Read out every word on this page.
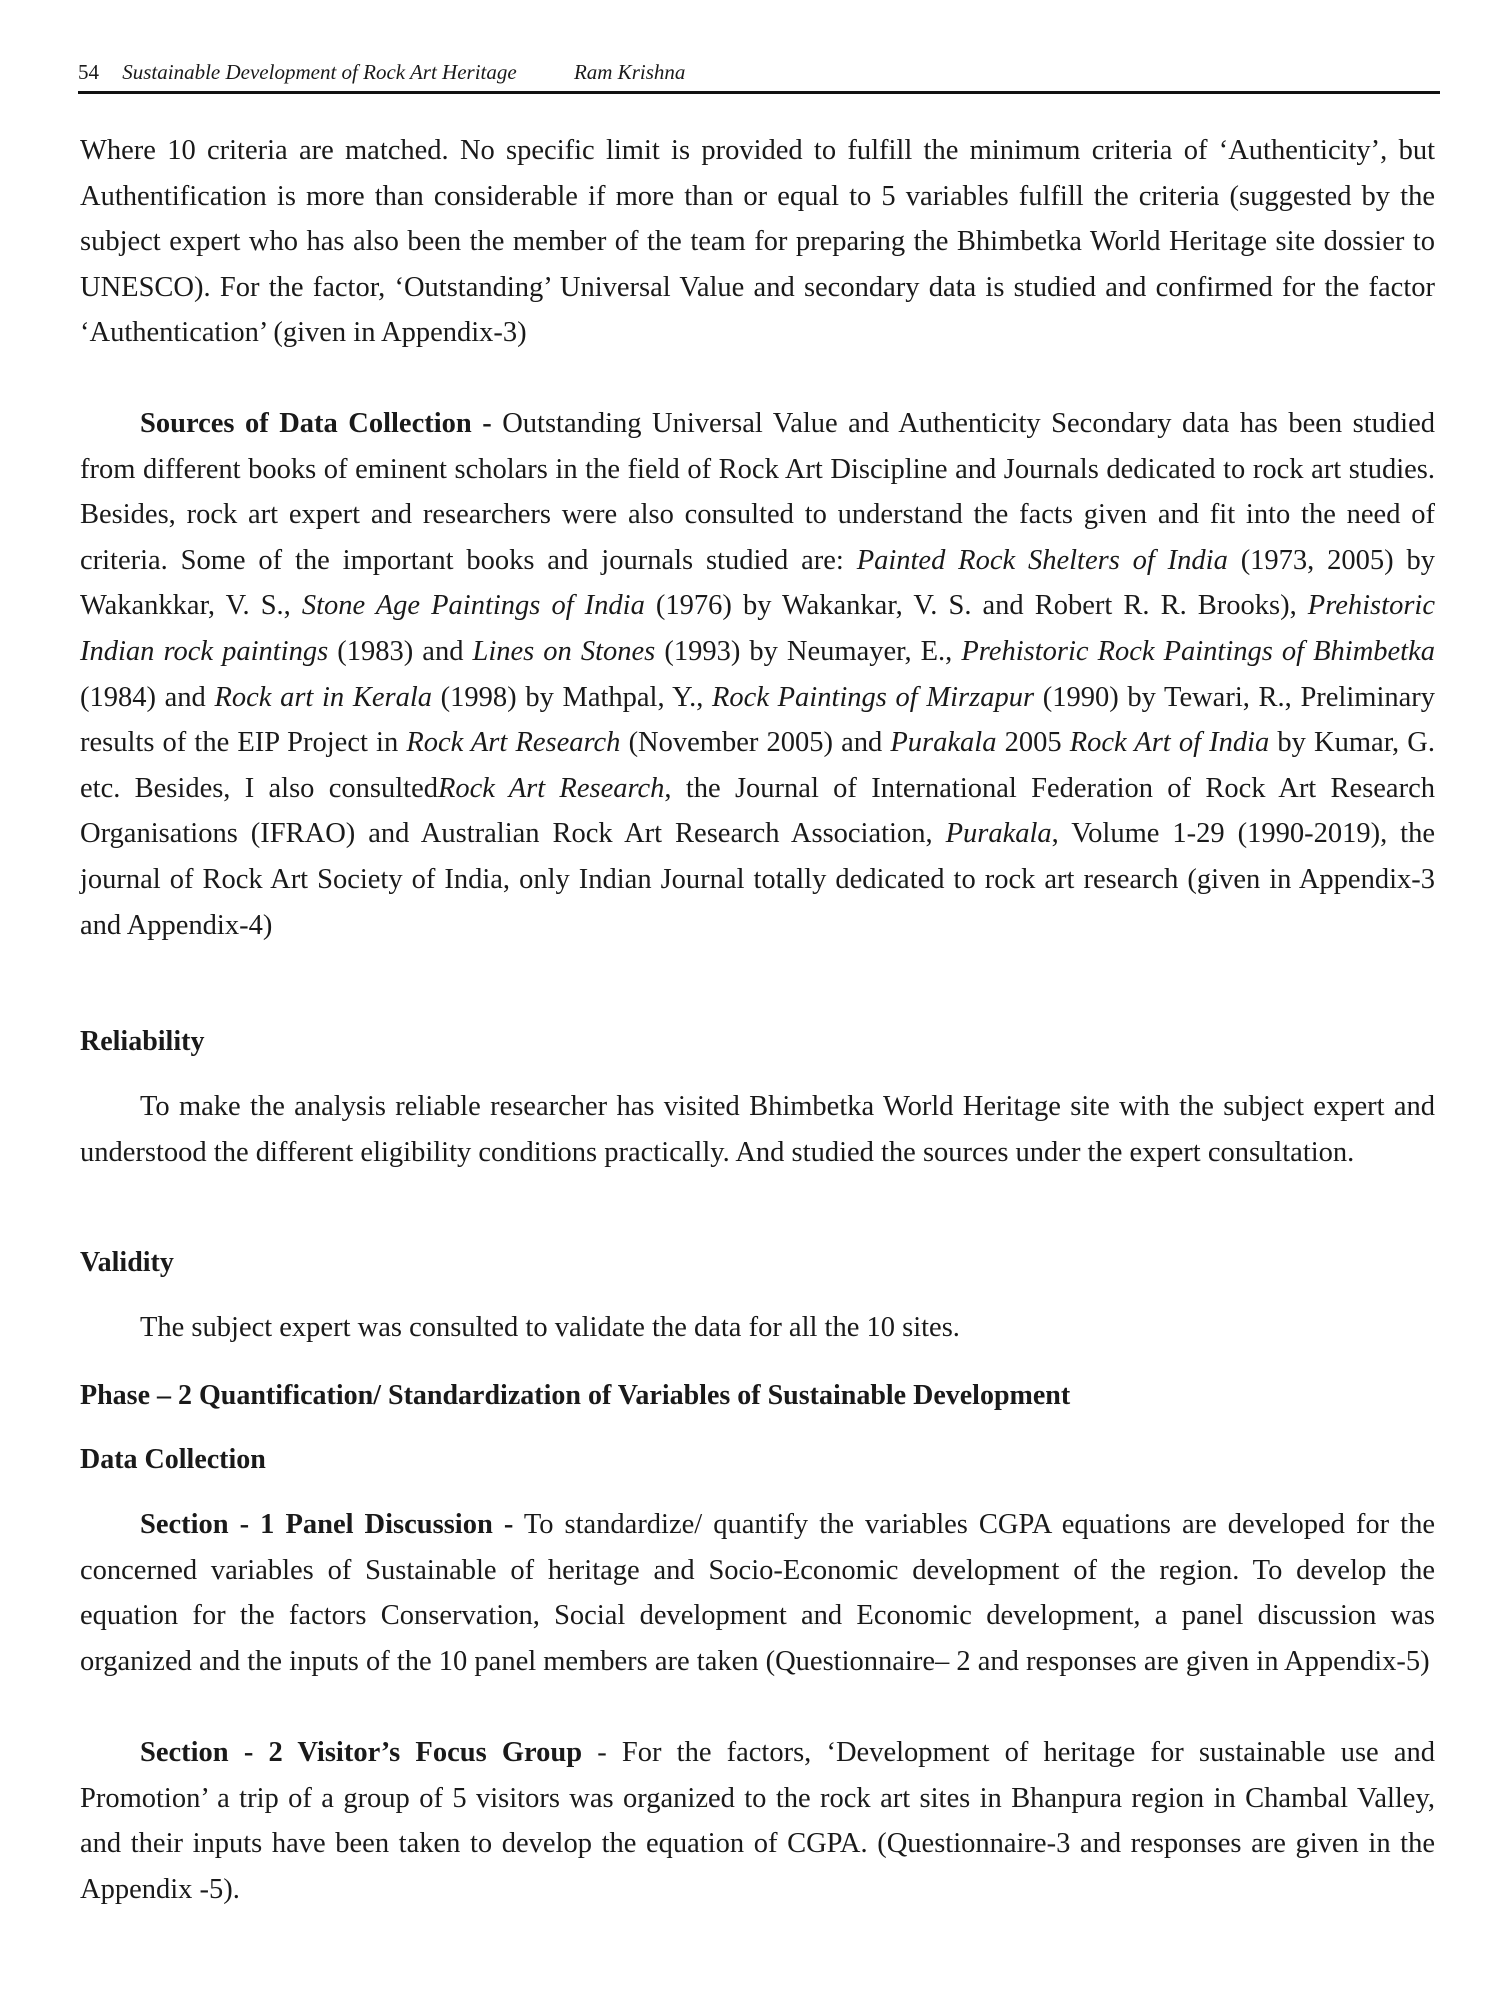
54 Sustainable Development of Rock Art Heritage	Ram Krishna

Where 10 criteria are matched. No specific limit is provided to fulfill the minimum criteria of ‘Authenticity’, but Authentification is more than considerable if more than or equal to 5 variables fulfill the criteria (suggested by the subject expert who has also been the member of the team for preparing the Bhimbetka World Heritage site dossier to UNESCO). For the factor, ‘Outstanding’ Universal Value and secondary data is studied and confirmed for the factor ‘Authentication’ (given in Appendix-3)

Sources of Data Collection - Outstanding Universal Value and Authenticity Secondary data has been studied from different books of eminent scholars in the field of Rock Art Discipline and Journals dedicated to rock art studies. Besides, rock art expert and researchers were also consulted to understand the facts given and fit into the need of criteria. Some of the important books and journals studied are: Painted Rock Shelters of India (1973, 2005) by Wakankkar, V. S., Stone Age Paintings of India (1976) by Wakankar, V. S. and Robert R. R. Brooks), Prehistoric Indian rock paintings (1983) and Lines on Stones (1993) by Neumayer, E., Prehistoric Rock Paintings of Bhimbetka (1984) and Rock art in Kerala (1998) by Mathpal, Y., Rock Paintings of Mirzapur (1990) by Tewari, R., Preliminary results of the EIP Project in Rock Art Research (November 2005) and Purakala 2005 Rock Art of India by Kumar, G. etc. Besides, I also consultedRock Art Research, the Journal of International Federation of Rock Art Research Organisations (IFRAO) and Australian Rock Art Research Association, Purakala, Volume 1-29 (1990-2019), the journal of Rock Art Society of India, only Indian Journal totally dedicated to rock art research (given in Appendix-3 and Appendix-4)

Reliability

To make the analysis reliable researcher has visited Bhimbetka World Heritage site with the subject expert and understood the different eligibility conditions practically. And studied the sources under the expert consultation.

Validity

The subject expert was consulted to validate the data for all the 10 sites.

Phase – 2 Quantification/ Standardization of Variables of Sustainable Development
Data Collection

Section - 1 Panel Discussion - To standardize/ quantify the variables CGPA equations are developed for the concerned variables of Sustainable of heritage and Socio-Economic development of the region. To develop the equation for the factors Conservation, Social development and Economic development, a panel discussion was organized and the inputs of the 10 panel members are taken (Questionnaire– 2 and responses are given in Appendix-5)

Section - 2 Visitor’s Focus Group - For the factors, ‘Development of heritage for sustainable use and Promotion’ a trip of a group of 5 visitors was organized to the rock art sites in Bhanpura region in Chambal Valley, and their inputs have been taken to develop the equation of CGPA. (Questionnaire-3 and responses are given in the Appendix -5).
